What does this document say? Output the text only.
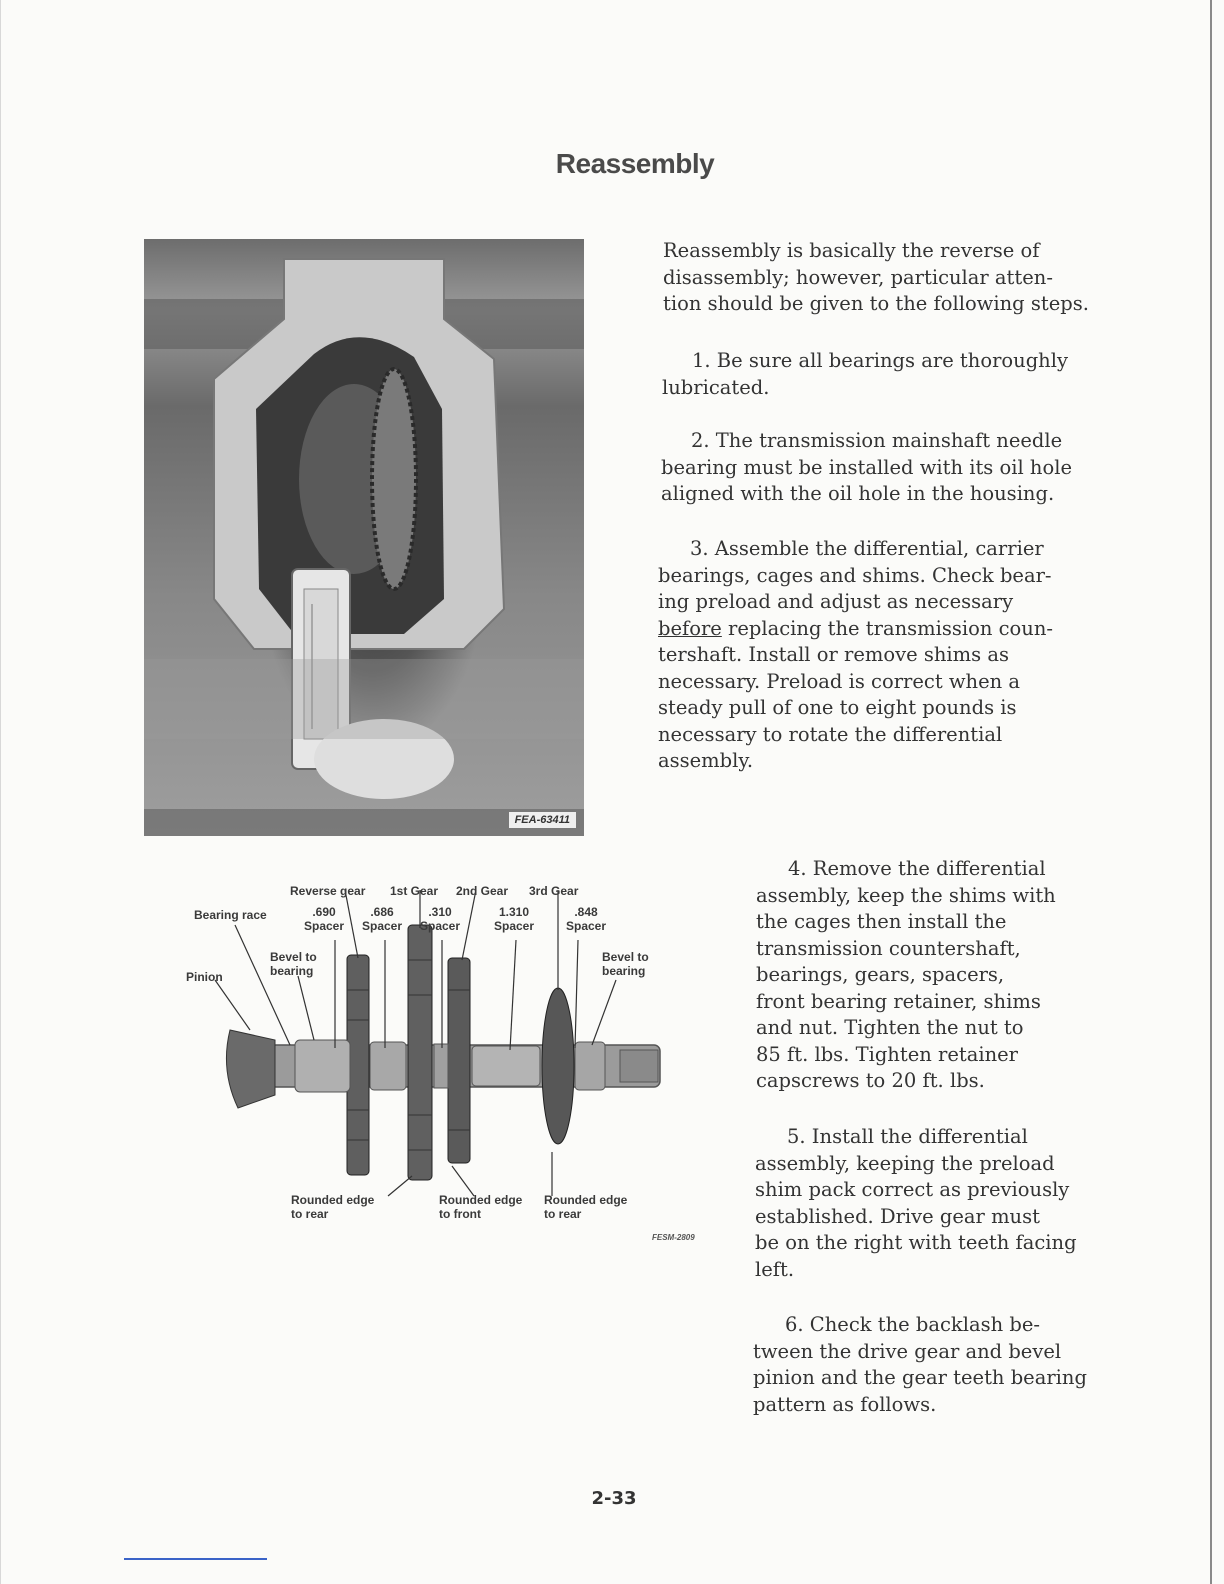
Reassembly
FEA-63411
Reassembly is basically the reverse of
disassembly; however, particular atten-
tion should be given to the following steps.
1. Be sure all bearings are thoroughly
lubricated.
2. The transmission mainshaft needle
bearing must be installed with its oil hole
aligned with the oil hole in the housing.
3. Assemble the differential, carrier
bearings, cages and shims. Check bear-
ing preload and adjust as necessary
before replacing the transmission coun-
tershaft. Install or remove shims as
necessary. Preload is correct when a
steady pull of one to eight pounds is
necessary to rotate the differential
assembly.
4. Remove the differential
assembly, keep the shims with
the cages then install the
transmission countershaft,
bearings, gears, spacers,
front bearing retainer, shims
and nut. Tighten the nut to
85 ft. lbs. Tighten retainer
capscrews to 20 ft. lbs.
5. Install the differential
assembly, keeping the preload
shim pack correct as previously
established. Drive gear must
be on the right with teeth facing
left.
6. Check the backlash be-
tween the drive gear and bevel
pinion and the gear teeth bearing
pattern as follows.
Reverse gear 1st Gear 2nd Gear 3rd Gear
Bearing race
Pinion
.690
Spacer
.686
Spacer
.310
Spacer
1.310
Spacer
.848
Spacer
Bevel to
bearing
Bevel to
bearing
Rounded edge
to rear
Rounded edge
to front
Rounded edge
to rear
FESM-2809
2-33
